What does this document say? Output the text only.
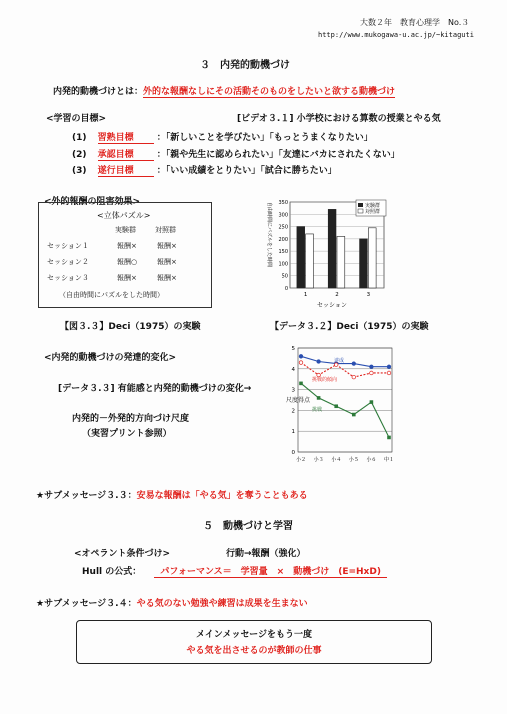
大数２年　教育心理学　No.３
http://www.mukogawa-u.ac.jp/~kitaguti
３　内発的動機づけ
内発的動機づけとは：外的な報酬なしにその活動そのものをしたいと欲する動機づけ
<学習の目標>	[ビデオ３.１] 小学校における算数の授業とやる気
(1) 習熟目標	：「新しいことを学びたい」「もっとうまくなりたい」
(2) 承認目標	：「親や先生に認められたい」「友達にバカにされたくない」
(3) 遂行目標	：「いい成績をとりたい」「試合に勝ちたい」
<外的報酬の阻害効果>
<立体パズル>
実験群	対照群
セッション１	報酬×	報酬×
セッション２	報酬○	報酬×
セッション３	報酬×	報酬×
（自由時間にパズルをした時間）
自由時間にパズルをした時間
0
50
100
150
200
250
300
350
1	2	3
セッション
実験群
対照群
【図３.３】Deci（1975）の実験	【データ３.２】Deci（1975）の実験
<内発的動機づけの発達的変化>
[データ３.３] 有能感と内発的動機づけの変化→
内発的－外発的方向づけ尺度
（実習プリント参照）
尺度得点
0
1
2
3
4
5
小２ 小３ 小４ 小５ 小６ 中１
達成
挑戦的傾向
挑戦
★サブメッセージ３.３：安易な報酬は「やる気」を奪うこともある
５　動機づけと学習
<オペラント条件づけ>	行動→報酬（強化）
Hull の公式： パフォーマンス＝　学習量　×　動機づけ　(E=HxD)
★サブメッセージ３.４：やる気のない勉強や練習は成果を生まない
メインメッセージをもう一度
やる気を出させるのが教師の仕事
